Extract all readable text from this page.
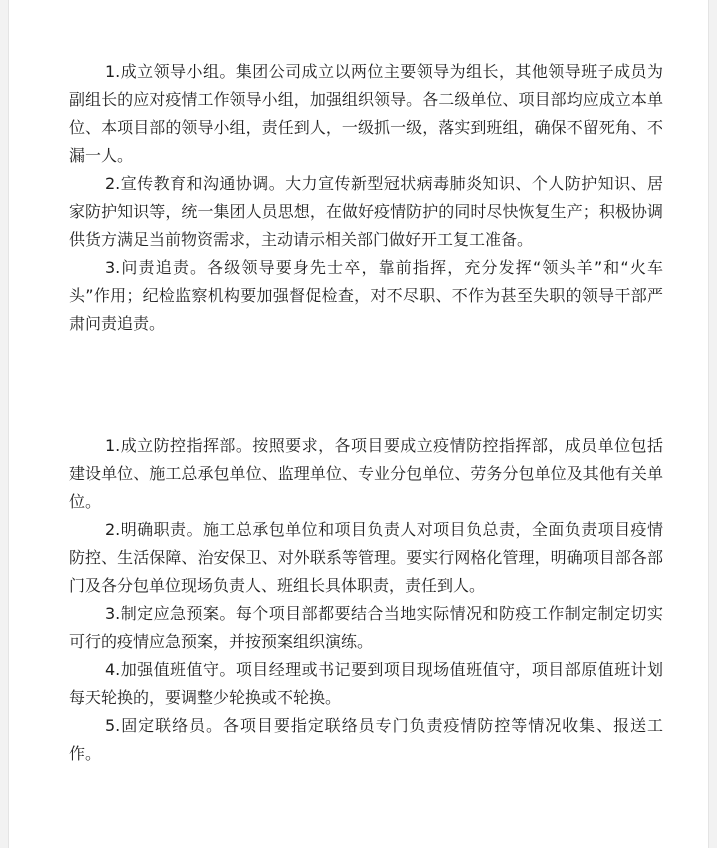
1.成立领导小组。集团公司成立以两位主要领导为组长，其他领导班子成员为副组长的应对疫情工作领导小组，加强组织领导。各二级单位、项目部均应成立本单位、本项目部的领导小组，责任到人，一级抓一级，落实到班组，确保不留死角、不漏一人。

2.宣传教育和沟通协调。大力宣传新型冠状病毒肺炎知识、个人防护知识、居家防护知识等，统一集团人员思想，在做好疫情防护的同时尽快恢复生产；积极协调供货方满足当前物资需求，主动请示相关部门做好开工复工准备。

3.问责追责。各级领导要身先士卒，靠前指挥，充分发挥“领头羊”和“火车头”作用；纪检监察机构要加强督促检查，对不尽职、不作为甚至失职的领导干部严肃问责追责。

1.成立防控指挥部。按照要求，各项目要成立疫情防控指挥部，成员单位包括建设单位、施工总承包单位、监理单位、专业分包单位、劳务分包单位及其他有关单位。

2.明确职责。施工总承包单位和项目负责人对项目负总责，全面负责项目疫情防控、生活保障、治安保卫、对外联系等管理。要实行网格化管理，明确项目部各部门及各分包单位现场负责人、班组长具体职责，责任到人。

3.制定应急预案。每个项目部都要结合当地实际情况和防疫工作制定制定切实可行的疫情应急预案，并按预案组织演练。

4.加强值班值守。项目经理或书记要到项目现场值班值守，项目部原值班计划每天轮换的，要调整少轮换或不轮换。

5.固定联络员。各项目要指定联络员专门负责疫情防控等情况收集、报送工作。
